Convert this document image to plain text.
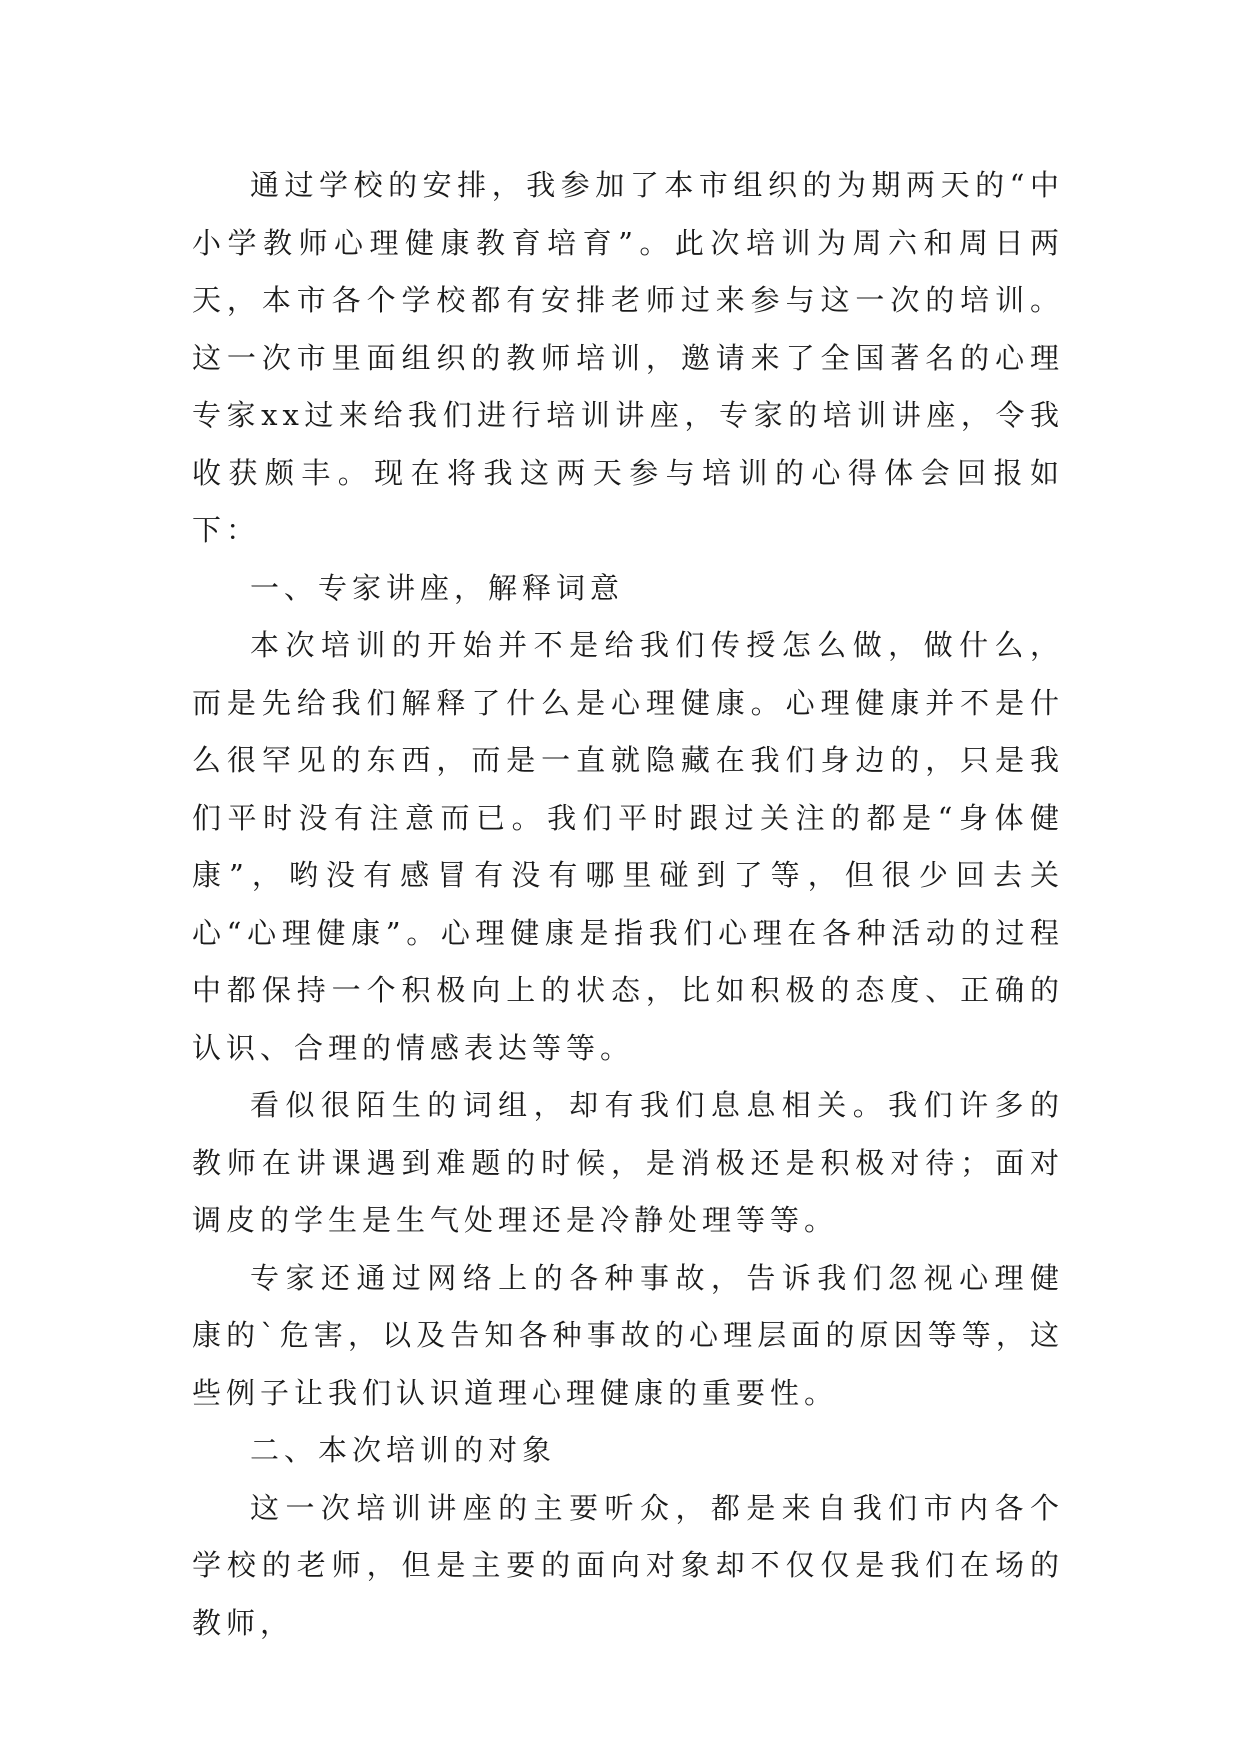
通过学校的安排，我参加了本市组织的为期两天的“中小学教师心理健康教育培育”。此次培训为周六和周日两天，本市各个学校都有安排老师过来参与这一次的培训。这一次市里面组织的教师培训，邀请来了全国著名的心理专家xx过来给我们进行培训讲座，专家的培训讲座，令我收获颇丰。现在将我这两天参与培训的心得体会回报如下：

一、专家讲座，解释词意

本次培训的开始并不是给我们传授怎么做，做什么，而是先给我们解释了什么是心理健康。心理健康并不是什么很罕见的东西，而是一直就隐藏在我们身边的，只是我们平时没有注意而已。我们平时跟过关注的都是“身体健康”，哟没有感冒有没有哪里碰到了等，但很少回去关心“心理健康”。心理健康是指我们心理在各种活动的过程中都保持一个积极向上的状态，比如积极的态度、正确的认识、合理的情感表达等等。

看似很陌生的词组，却有我们息息相关。我们许多的教师在讲课遇到难题的时候，是消极还是积极对待；面对调皮的学生是生气处理还是冷静处理等等。

专家还通过网络上的各种事故，告诉我们忽视心理健康的`危害，以及告知各种事故的心理层面的原因等等，这些例子让我们认识道理心理健康的重要性。

二、本次培训的对象

这一次培训讲座的主要听众，都是来自我们市内各个学校的老师，但是主要的面向对象却不仅仅是我们在场的教师，
